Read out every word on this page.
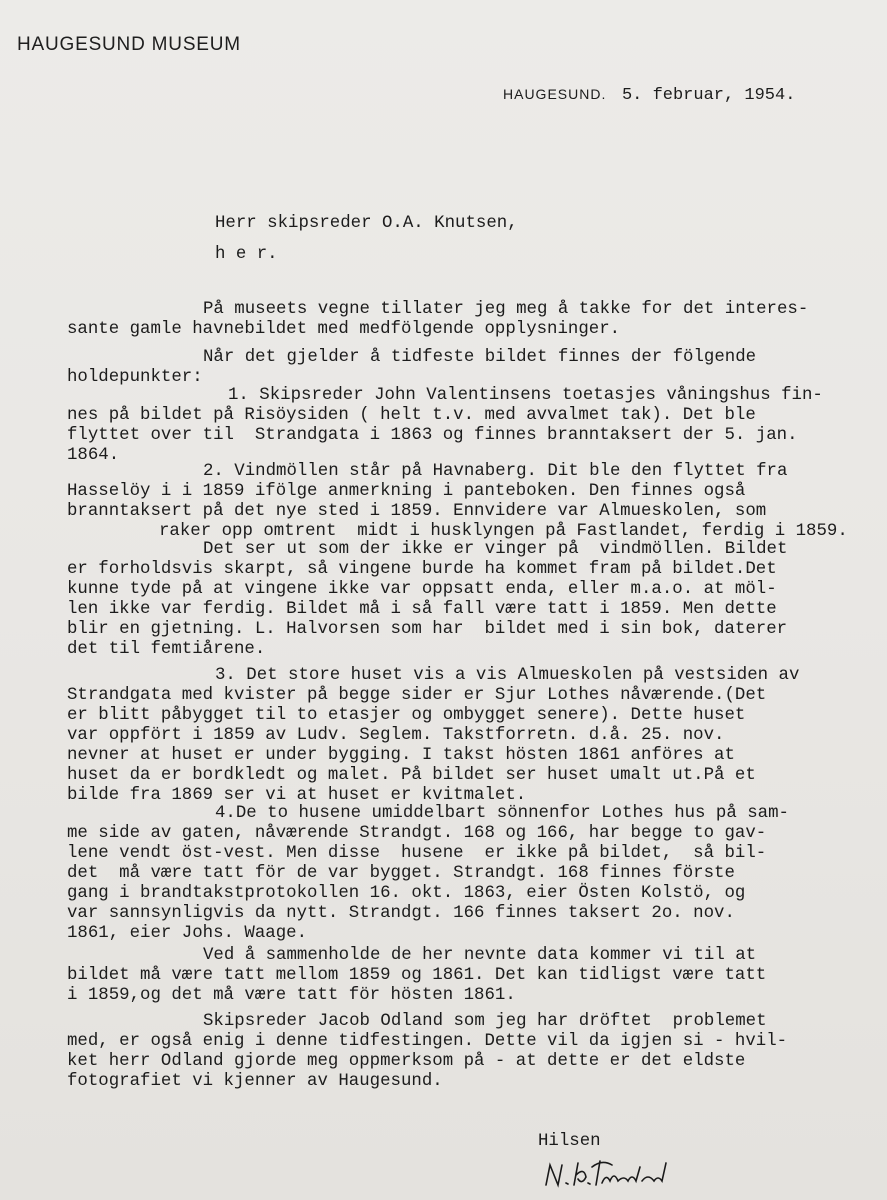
HAUGESUND MUSEUM
HAUGESUND. 5. februar, 1954.
Herr skipsreder O.A. Knutsen,
h e r.
På museets vegne tillater jeg meg å takke for det interes-
sante gamle havnebildet med medfölgende opplysninger.
Når det gjelder å tidfeste bildet finnes der fölgende
holdepunkter:
1. Skipsreder John Valentinsens toetasjes våningshus fin-
nes på bildet på Risöysiden ( helt t.v. med avvalmet tak). Det ble
flyttet over til  Strandgata i 1863 og finnes branntaksert der 5. jan.
1864.
2. Vindmöllen står på Havnaberg. Dit ble den flyttet fra
Hasselöy i i 1859 ifölge anmerkning i panteboken. Den finnes også
branntaksert på det nye sted i 1859. Ennvidere var Almueskolen, som
raker opp omtrent  midt i husklyngen på Fastlandet, ferdig i 1859.
Det ser ut som der ikke er vinger på  vindmöllen. Bildet
er forholdsvis skarpt, så vingene burde ha kommet fram på bildet.Det
kunne tyde på at vingene ikke var oppsatt enda, eller m.a.o. at möl-
len ikke var ferdig. Bildet må i så fall være tatt i 1859. Men dette
blir en gjetning. L. Halvorsen som har  bildet med i sin bok, daterer
det til femtiårene.
3. Det store huset vis a vis Almueskolen på vestsiden av
Strandgata med kvister på begge sider er Sjur Lothes nåværende.(Det
er blitt påbygget til to etasjer og ombygget senere). Dette huset
var oppfört i 1859 av Ludv. Seglem. Takstforretn. d.å. 25. nov.
nevner at huset er under bygging. I takst hösten 1861 anföres at
huset da er bordkledt og malet. På bildet ser huset umalt ut.På et
bilde fra 1869 ser vi at huset er kvitmalet.
4.De to husene umiddelbart sönnenfor Lothes hus på sam-
me side av gaten, nåværende Strandgt. 168 og 166, har begge to gav-
lene vendt öst-vest. Men disse  husene  er ikke på bildet,  så bil-
det  må være tatt för de var bygget. Strandgt. 168 finnes förste
gang i brandtakstprotokollen 16. okt. 1863, eier Östen Kolstö, og
var sannsynligvis da nytt. Strandgt. 166 finnes taksert 2o. nov.
1861, eier Johs. Waage.
Ved å sammenholde de her nevnte data kommer vi til at
bildet må være tatt mellom 1859 og 1861. Det kan tidligst være tatt
i 1859,og det må være tatt för hösten 1861.
Skipsreder Jacob Odland som jeg har dröftet  problemet
med, er også enig i denne tidfestingen. Dette vil da igjen si - hvil-
ket herr Odland gjorde meg oppmerksom på - at dette er det eldste
fotografiet vi kjenner av Haugesund.
Hilsen
